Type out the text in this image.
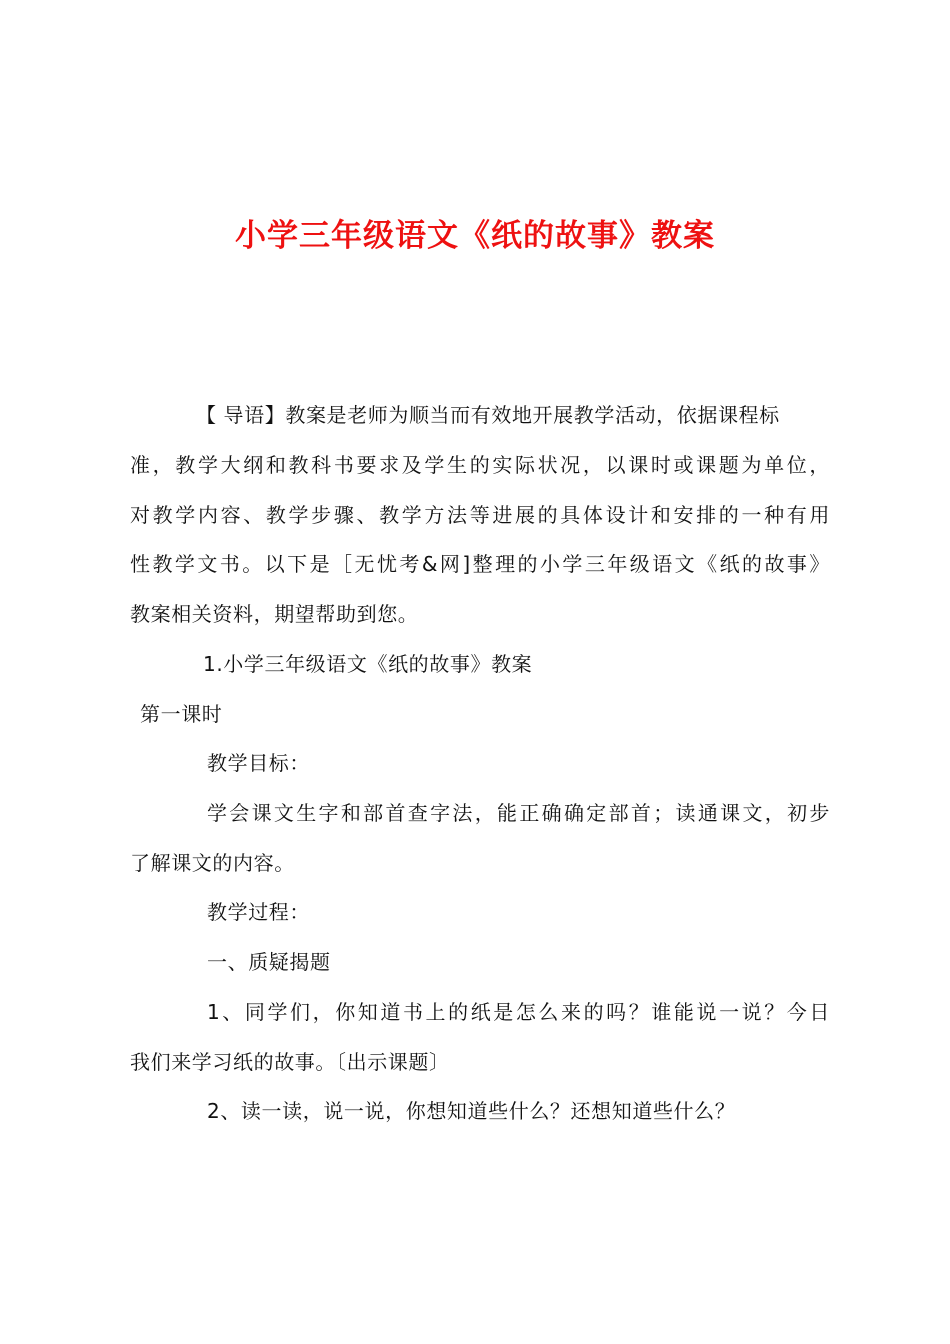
小学三年级语文《纸的故事》教案
【 导语】教案是老师为顺当而有效地开展教学活动，依据课程标
准，教学大纲和教科书要求及学生的实际状况，以课时或课题为单位，
对教学内容、教学步骤、教学方法等进展的具体设计和安排的一种有用
性教学文书。以下是［无忧考&网]整理的小学三年级语文《纸的故事》
教案相关资料，期望帮助到您。
1.小学三年级语文《纸的故事》教案
第一课时
教学目标：
学会课文生字和部首查字法，能正确确定部首；读通课文，初步
了解课文的内容。
教学过程：
一、质疑揭题
1、同学们，你知道书上的纸是怎么来的吗？谁能说一说？今日
我们来学习纸的故事。〔出示课题〕
2、读一读，说一说，你想知道些什么？还想知道些什么？
